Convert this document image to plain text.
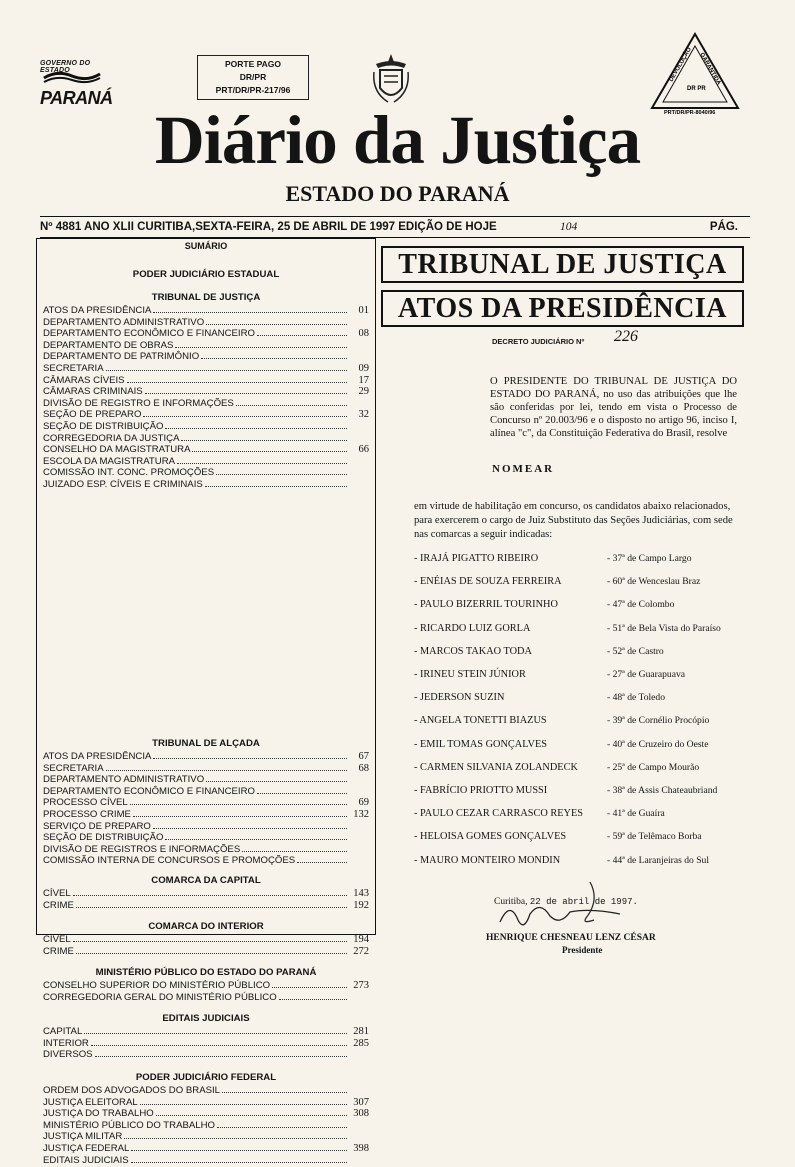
GOVERNO DO ESTADO
PARANÁ
PORTE PAGO
DR/PR
PRT/DR/PR-217/96
DEVOLUÇÃO GARANTIDA
DR PR
PRT/DR/PR-8040/96
Diário da Justiça
ESTADO DO PARANÁ
Nº 4881 ANO XLII CURITIBA,SEXTA-FEIRA, 25 DE ABRIL DE 1997 EDIÇÃO DE HOJE	104	PÁG.
SUMÁRIO
PODER JUDICIÁRIO ESTADUAL
TRIBUNAL DE JUSTIÇA
ATOS DA PRESIDÊNCIA	01
DEPARTAMENTO ADMINISTRATIVO
DEPARTAMENTO ECONÔMICO E FINANCEIRO	08
DEPARTAMENTO DE OBRAS
DEPARTAMENTO DE PATRIMÔNIO
SECRETARIA	09
CÂMARAS CÍVEIS	17
CÂMARAS CRIMINAIS	29
DIVISÃO DE REGISTRO E INFORMAÇÕES
SEÇÃO DE PREPARO	32
SEÇÃO DE DISTRIBUIÇÃO
CORREGEDORIA DA JUSTIÇA
CONSELHO DA MAGISTRATURA	66
ESCOLA DA MAGISTRATURA
COMISSÃO INT. CONC. PROMOÇÕES
JUIZADO ESP. CÍVEIS E CRIMINAIS
TRIBUNAL DE ALÇADA
ATOS DA PRESIDÊNCIA	67
SECRETARIA	68
DEPARTAMENTO ADMINISTRATIVO
DEPARTAMENTO ECONÔMICO E FINANCEIRO
PROCESSO CÍVEL	69
PROCESSO CRIME	132
SERVIÇO DE PREPARO
SEÇÃO DE DISTRIBUIÇÃO
DIVISÃO DE REGISTROS E INFORMAÇÕES
COMISSÃO INTERNA DE CONCURSOS E PROMOÇÕES
COMARCA DA CAPITAL
CÍVEL	143
CRIME	192
COMARCA DO INTERIOR
CÍVEL	194
CRIME	272
MINISTÉRIO PÚBLICO DO ESTADO DO PARANÁ
CONSELHO SUPERIOR DO MINISTÉRIO PÚBLICO	273
CORREGEDORIA GERAL DO MINISTÉRIO PÚBLICO
EDITAIS JUDICIAIS
CAPITAL	281
INTERIOR	285
DIVERSOS
PODER JUDICIÁRIO FEDERAL
ORDEM DOS ADVOGADOS DO BRASIL
JUSTIÇA ELEITORAL	307
JUSTIÇA DO TRABALHO	308
MINISTÉRIO PÚBLICO DO TRABALHO
JUSTIÇA MILITAR
JUSTIÇA FEDERAL	398
EDITAIS JUDICIAIS
TRIBUNAL DE JUSTIÇA
ATOS DA PRESIDÊNCIA
DECRETO JUDICIÁRIO Nº 226
O PRESIDENTE DO TRIBUNAL DE JUSTIÇA DO ESTADO DO PARANÁ, no uso das atribuições que lhe são conferidas por lei, tendo em vista o Processo de Concurso nº 20.003/96 e o disposto no artigo 96, inciso I, alínea "c", da Constituição Federativa do Brasil, resolve
NOMEAR
em virtude de habilitação em concurso, os candidatos abaixo relacionados, para exercerem o cargo de Juiz Substituto das Seções Judiciárias, com sede nas comarcas a seguir indicadas:
- IRAJÁ PIGATTO RIBEIRO	- 37ª de Campo Largo
- ENÉIAS DE SOUZA FERREIRA	- 60ª de Wenceslau Braz
- PAULO BIZERRIL TOURINHO	- 47ª de Colombo
- RICARDO LUIZ GORLA	- 51ª de Bela Vista do Paraíso
- MARCOS TAKAO TODA	- 52ª de Castro
- IRINEU STEIN JÚNIOR	- 27ª de Guarapuava
- JEDERSON SUZIN	- 48ª de Toledo
- ANGELA TONETTI BIAZUS	- 39ª de Cornélio Procópio
- EMIL TOMAS GONÇALVES	- 40ª de Cruzeiro do Oeste
- CARMEN SILVANIA ZOLANDECK	- 25ª de Campo Mourão
- FABRÍCIO PRIOTTO MUSSI	- 38ª de Assis Chateaubriand
- PAULO CEZAR CARRASCO REYES	- 41ª de Guaíra
- HELOISA GOMES GONÇALVES	- 59ª de Telêmaco Borba
- MAURO MONTEIRO MONDIN	- 44ª de Laranjeiras do Sul
Curitiba, 22 de abril de 1997.
HENRIQUE CHESNEAU LENZ CÉSAR
Presidente
